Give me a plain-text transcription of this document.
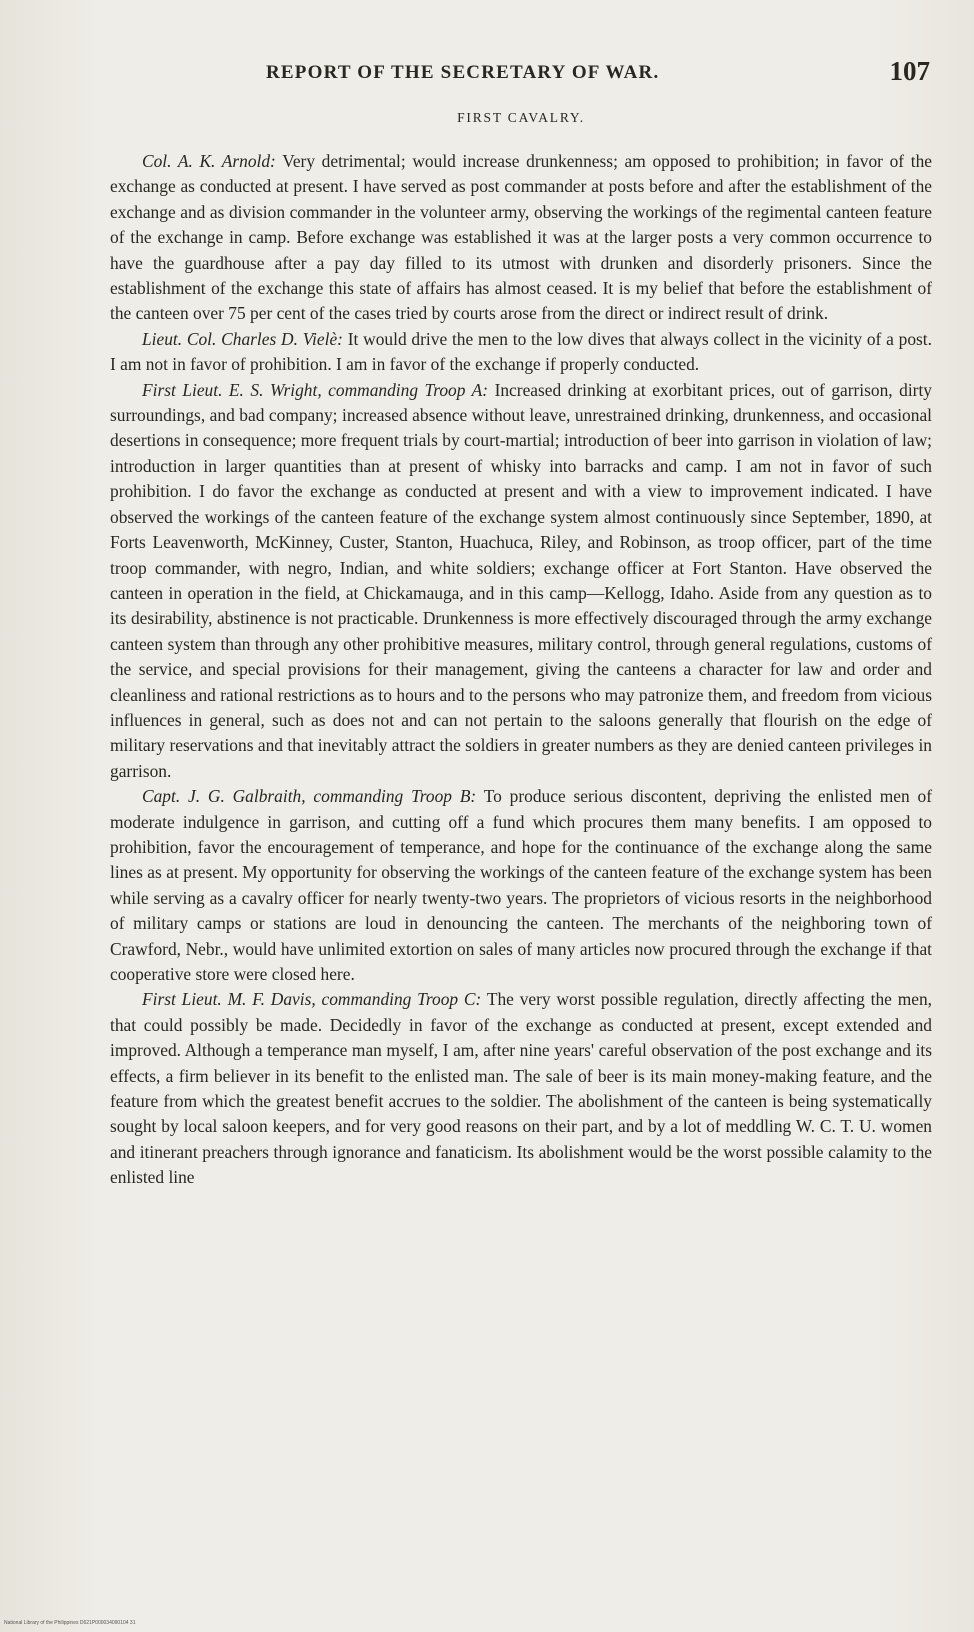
REPORT OF THE SECRETARY OF WAR.	107
FIRST CAVALRY.

Col. A. K. Arnold: Very detrimental; would increase drunkenness; am opposed to prohibition; in favor of the exchange as conducted at present. I have served as post commander at posts before and after the establishment of the exchange and as division commander in the volunteer army, observing the workings of the regimental canteen feature of the exchange in camp. Before exchange was established it was at the larger posts a very common occurrence to have the guardhouse after a pay day filled to its utmost with drunken and disorderly prisoners. Since the establishment of the exchange this state of affairs has almost ceased. It is my belief that before the establishment of the canteen over 75 per cent of the cases tried by courts arose from the direct or indirect result of drink.

Lieut. Col. Charles D. Vielè: It would drive the men to the low dives that always collect in the vicinity of a post. I am not in favor of prohibition. I am in favor of the exchange if properly conducted.

First Lieut. E. S. Wright, commanding Troop A: Increased drinking at exorbitant prices, out of garrison, dirty surroundings, and bad company; increased absence without leave, unrestrained drinking, drunkenness, and occasional desertions in consequence; more frequent trials by court-martial; introduction of beer into garrison in violation of law; introduction in larger quantities than at present of whisky into barracks and camp. I am not in favor of such prohibition. I do favor the exchange as conducted at present and with a view to improvement indicated. I have observed the workings of the canteen feature of the exchange system almost continuously since September, 1890, at Forts Leavenworth, McKinney, Custer, Stanton, Huachuca, Riley, and Robinson, as troop officer, part of the time troop commander, with negro, Indian, and white soldiers; exchange officer at Fort Stanton. Have observed the canteen in operation in the field, at Chickamauga, and in this camp—Kellogg, Idaho. Aside from any question as to its desirability, abstinence is not practicable. Drunkenness is more effectively discouraged through the army exchange canteen system than through any other prohibitive measures, military control, through general regulations, customs of the service, and special provisions for their management, giving the canteens a character for law and order and cleanliness and rational restrictions as to hours and to the persons who may patronize them, and freedom from vicious influences in general, such as does not and can not pertain to the saloons generally that flourish on the edge of military reservations and that inevitably attract the soldiers in greater numbers as they are denied canteen privileges in garrison.

Capt. J. G. Galbraith, commanding Troop B: To produce serious discontent, depriving the enlisted men of moderate indulgence in garrison, and cutting off a fund which procures them many benefits. I am opposed to prohibition, favor the encouragement of temperance, and hope for the continuance of the exchange along the same lines as at present. My opportunity for observing the workings of the canteen feature of the exchange system has been while serving as a cavalry officer for nearly twenty-two years. The proprietors of vicious resorts in the neighborhood of military camps or stations are loud in denouncing the canteen. The merchants of the neighboring town of Crawford, Nebr., would have unlimited extortion on sales of many articles now procured through the exchange if that cooperative store were closed here.

First Lieut. M. F. Davis, commanding Troop C: The very worst possible regulation, directly affecting the men, that could possibly be made. Decidedly in favor of the exchange as conducted at present, except extended and improved. Although a temperance man myself, I am, after nine years' careful observation of the post exchange and its effects, a firm believer in its benefit to the enlisted man. The sale of beer is its main money-making feature, and the feature from which the greatest benefit accrues to the soldier. The abolishment of the canteen is being systematically sought by local saloon keepers, and for very good reasons on their part, and by a lot of meddling W. C. T. U. women and itinerant preachers through ignorance and fanaticism. Its abolishment would be the worst possible calamity to the enlisted line

National Library of the Philippines D621P000034090104 31
